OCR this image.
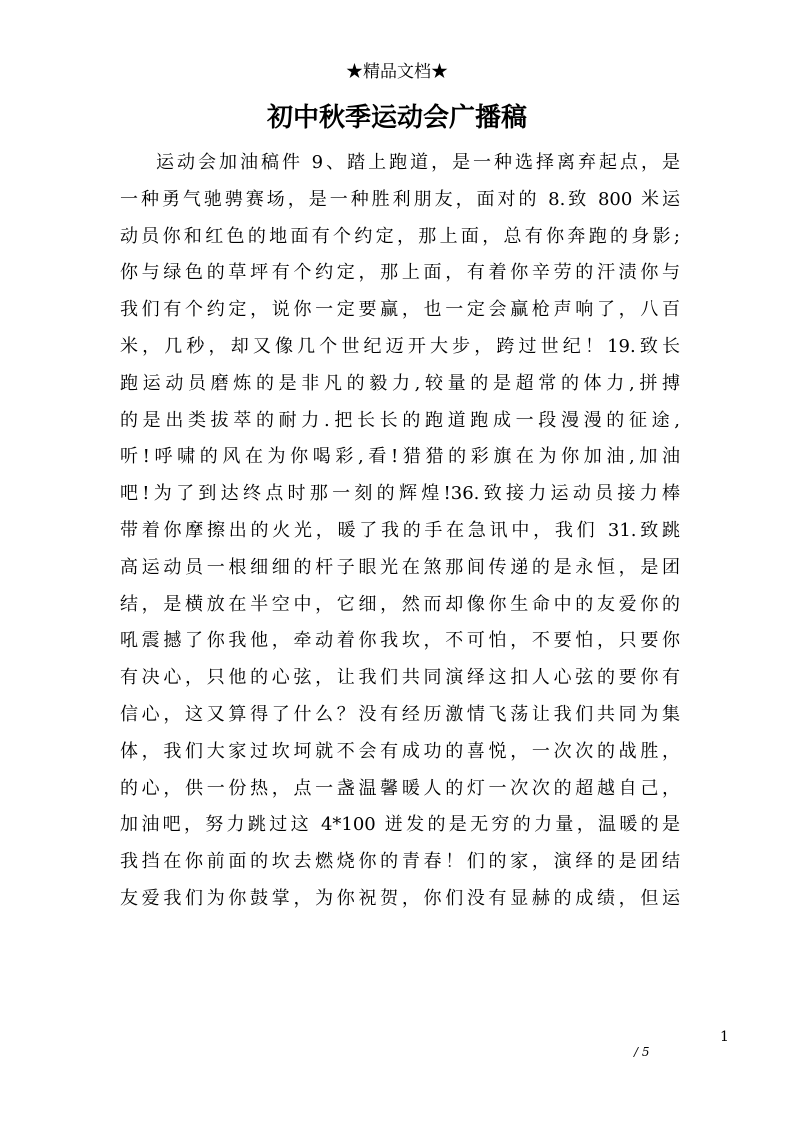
★精品文档★
初中秋季运动会广播稿
运动会加油稿件 9、踏上跑道，是一种选择离弃起点，是
一种勇气驰骋赛场，是一种胜利朋友，面对的 8.致 800 米运
动员你和红色的地面有个约定，那上面，总有你奔跑的身影;
你与绿色的草坪有个约定，那上面，有着你辛劳的汗渍你与
我们有个约定，说你一定要赢，也一定会赢枪声响了，八百
米，几秒，却又像几个世纪迈开大步，跨过世纪！19.致长
跑运动员磨炼的是非凡的毅力,较量的是超常的体力,拼搏
的是出类拔萃的耐力.把长长的跑道跑成一段漫漫的征途,
听!呼啸的风在为你喝彩,看!猎猎的彩旗在为你加油,加油
吧!为了到达终点时那一刻的辉煌!36.致接力运动员接力棒
带着你摩擦出的火光，暖了我的手在急讯中，我们 31.致跳
高运动员一根细细的杆子眼光在煞那间传递的是永恒，是团
结，是横放在半空中，它细，然而却像你生命中的友爱你的
吼震撼了你我他，牵动着你我坎，不可怕，不要怕，只要你
有决心，只他的心弦，让我们共同演绎这扣人心弦的要你有
信心，这又算得了什么？没有经历激情飞荡让我们共同为集
体，我们大家过坎坷就不会有成功的喜悦，一次次的战胜，
的心，供一份热，点一盏温馨暖人的灯一次次的超越自己，
加油吧，努力跳过这 4*100 迸发的是无穷的力量，温暖的是
我挡在你前面的坎去燃烧你的青春！们的家，演绎的是团结
友爱我们为你鼓掌，为你祝贺，你们没有显赫的成绩，但运
1
/ 5
